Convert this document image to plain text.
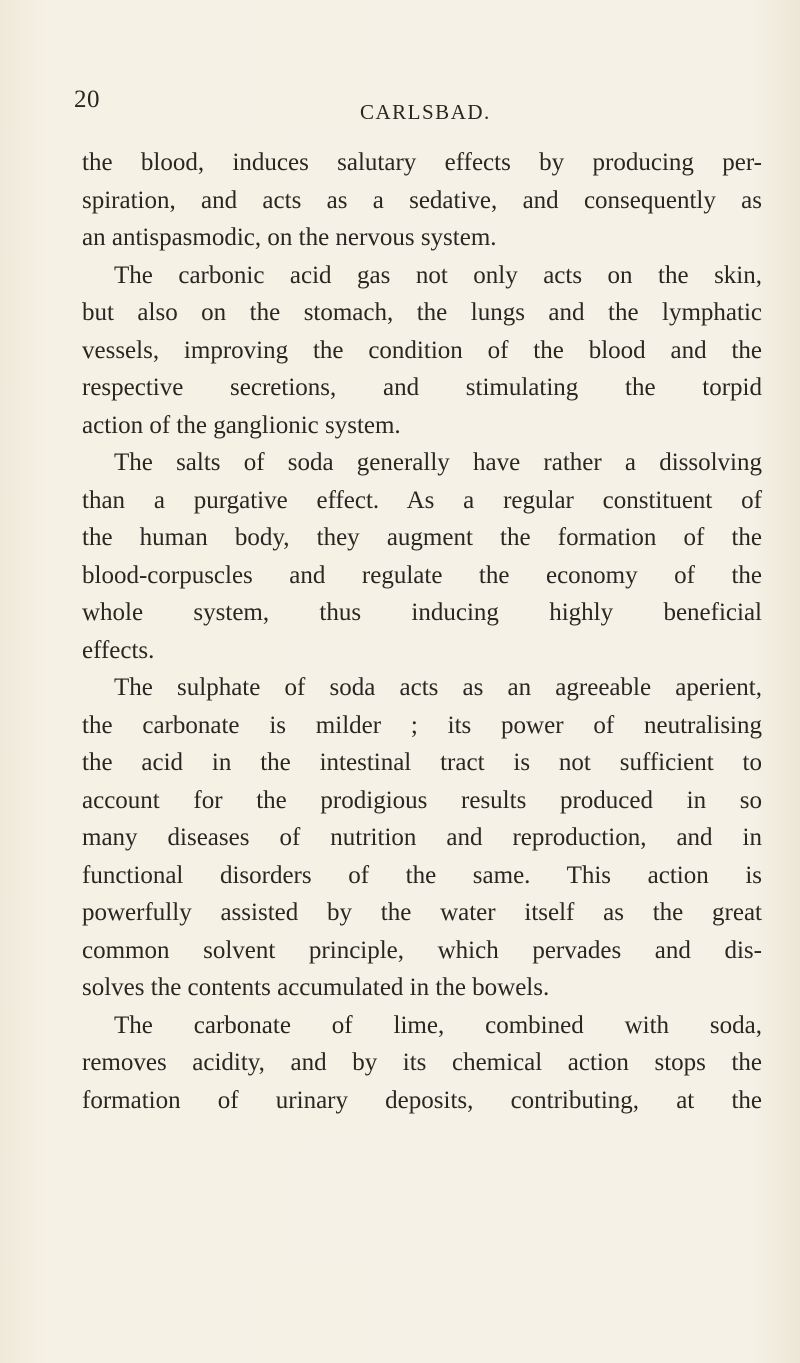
20	CARLSBAD.
the blood, induces salutary effects by producing per-
spiration, and acts as a sedative, and consequently as
an antispasmodic, on the nervous system.
The carbonic acid gas not only acts on the skin,
but also on the stomach, the lungs and the lymphatic
vessels, improving the condition of the blood and the
respective secretions, and stimulating the torpid
action of the ganglionic system.
The salts of soda generally have rather a dissolving
than a purgative effect. As a regular constituent of
the human body, they augment the formation of the
blood-corpuscles and regulate the economy of the
whole system, thus inducing highly beneficial
effects.
The sulphate of soda acts as an agreeable aperient,
the carbonate is milder ; its power of neutralising
the acid in the intestinal tract is not sufficient to
account for the prodigious results produced in so
many diseases of nutrition and reproduction, and in
functional disorders of the same. This action is
powerfully assisted by the water itself as the great
common solvent principle, which pervades and dis-
solves the contents accumulated in the bowels.
The carbonate of lime, combined with soda,
removes acidity, and by its chemical action stops the
formation of urinary deposits, contributing, at the
